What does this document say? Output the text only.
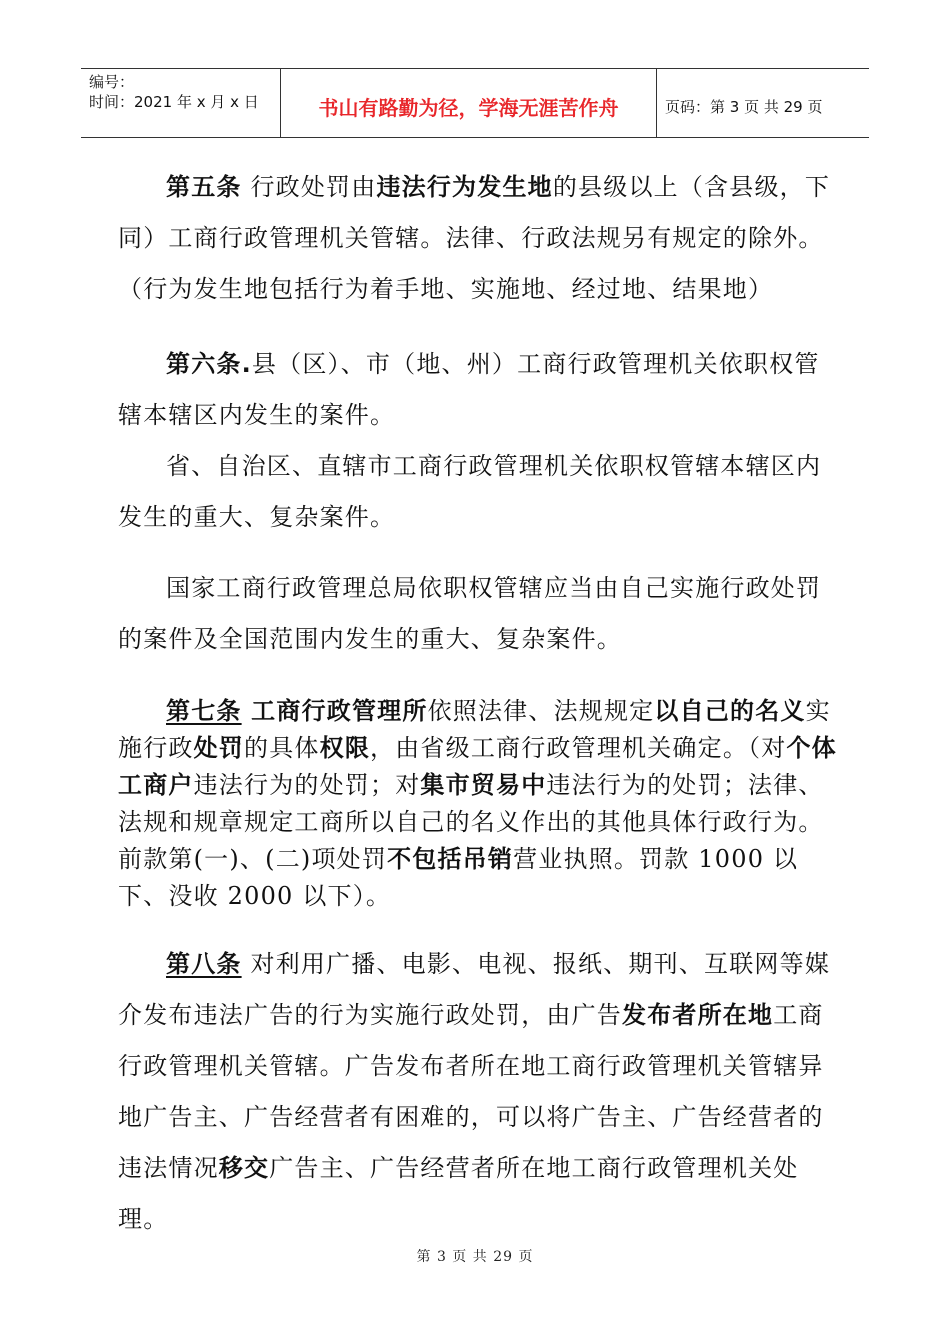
编号：
时间：2021 年 x 月 x 日	书山有路勤为径，学海无涯苦作舟	页码：第 3 页 共 29 页

第五条 行政处罚由违法行为发生地的县级以上（含县级，下同）工商行政管理机关管辖。法律、行政法规另有规定的除外。（行为发生地包括行为着手地、实施地、经过地、结果地）

第六条.县（区）、市（地、州）工商行政管理机关依职权管辖本辖区内发生的案件。

省、自治区、直辖市工商行政管理机关依职权管辖本辖区内发生的重大、复杂案件。

国家工商行政管理总局依职权管辖应当由自己实施行政处罚的案件及全国范围内发生的重大、复杂案件。

第七条 工商行政管理所依照法律、法规规定以自己的名义实施行政处罚的具体权限，由省级工商行政管理机关确定。（对个体工商户违法行为的处罚；对集市贸易中违法行为的处罚；法律、法规和规章规定工商所以自己的名义作出的其他具体行政行为。前款第(一)、(二)项处罚不包括吊销营业执照。罚款 1000 以下、没收 2000 以下）。

第八条 对利用广播、电影、电视、报纸、期刊、互联网等媒介发布违法广告的行为实施行政处罚，由广告发布者所在地工商行政管理机关管辖。广告发布者所在地工商行政管理机关管辖异地广告主、广告经营者有困难的，可以将广告主、广告经营者的违法情况移交广告主、广告经营者所在地工商行政管理机关处理。

第 3 页 共 29 页
